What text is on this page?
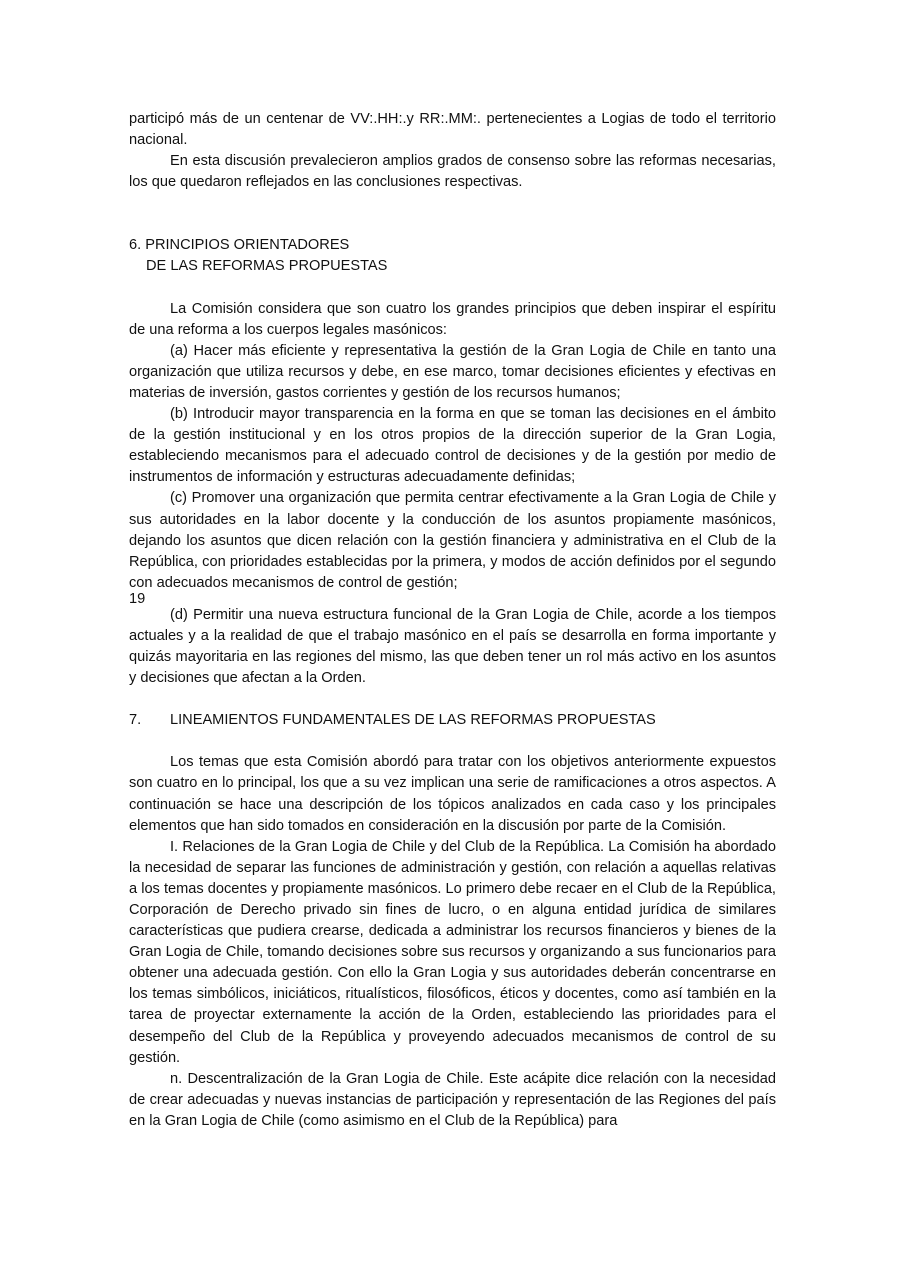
participó más de un centenar de VV:.HH:.y RR:.MM:. pertenecientes a Logias de todo el territorio nacional.

En esta discusión prevalecieron amplios grados de consenso sobre las reformas necesarias, los que quedaron reflejados en las conclusiones respectivas.

6. PRINCIPIOS ORIENTADORES
DE LAS REFORMAS PROPUESTAS

La Comisión considera que son cuatro los grandes principios que deben inspirar el espíritu de una reforma a los cuerpos legales masónicos:

(a) Hacer más eficiente y representativa la gestión de la Gran Logia de Chile en tanto una organización que utiliza recursos y debe, en ese marco, tomar decisiones eficientes y efectivas en materias de inversión, gastos corrientes y gestión de los recursos humanos;

(b) Introducir mayor transparencia en la forma en que se toman las decisiones en el ámbito de la gestión institucional y en los otros propios de la dirección superior de la Gran Logia, estableciendo mecanismos para el adecuado control de decisiones y de la gestión por medio de instrumentos de información y estructuras adecuadamente definidas;

(c) Promover una organización que permita centrar efectivamente a la Gran Logia de Chile y sus autoridades en la labor docente y la conducción de los asuntos propiamente masónicos, dejando los asuntos que dicen relación con la gestión financiera y administrativa en el Club de la República, con prioridades establecidas por la primera, y modos de acción definidos por el segundo con adecuados mecanismos de control de gestión;

19

(d) Permitir una nueva estructura funcional de la Gran Logia de Chile, acorde a los tiempos actuales y a la realidad de que el trabajo masónico en el país se desarrolla en forma importante y quizás mayoritaria en las regiones del mismo, las que deben tener un rol más activo en los asuntos y decisiones que afectan a la Orden.

7. LINEAMIENTOS FUNDAMENTALES DE LAS REFORMAS PROPUESTAS

Los temas que esta Comisión abordó para tratar con los objetivos anteriormente expuestos son cuatro en lo principal, los que a su vez implican una serie de ramificaciones a otros aspectos. A continuación se hace una descripción de los tópicos analizados en cada caso y los principales elementos que han sido tomados en consideración en la discusión por parte de la Comisión.

I. Relaciones de la Gran Logia de Chile y del Club de la República. La Comisión ha abordado la necesidad de separar las funciones de administración y gestión, con relación a aquellas relativas a los temas docentes y propiamente masónicos. Lo primero debe recaer en el Club de la República, Corporación de Derecho privado sin fines de lucro, o en alguna entidad jurídica de similares características que pudiera crearse, dedicada a administrar los recursos financieros y bienes de la Gran Logia de Chile, tomando decisiones sobre sus recursos y organizando a sus funcionarios para obtener una adecuada gestión. Con ello la Gran Logia y sus autoridades deberán concentrarse en los temas simbólicos, iniciáticos, ritualísticos, filosóficos, éticos y docentes, como así también en la tarea de proyectar externamente la acción de la Orden, estableciendo las prioridades para el desempeño del Club de la República y proveyendo adecuados mecanismos de control de su gestión.

n. Descentralización de la Gran Logia de Chile. Este acápite dice relación con la necesidad de crear adecuadas y nuevas instancias de participación y representación de las Regiones del país en la Gran Logia de Chile (como asimismo en el Club de la República) para
